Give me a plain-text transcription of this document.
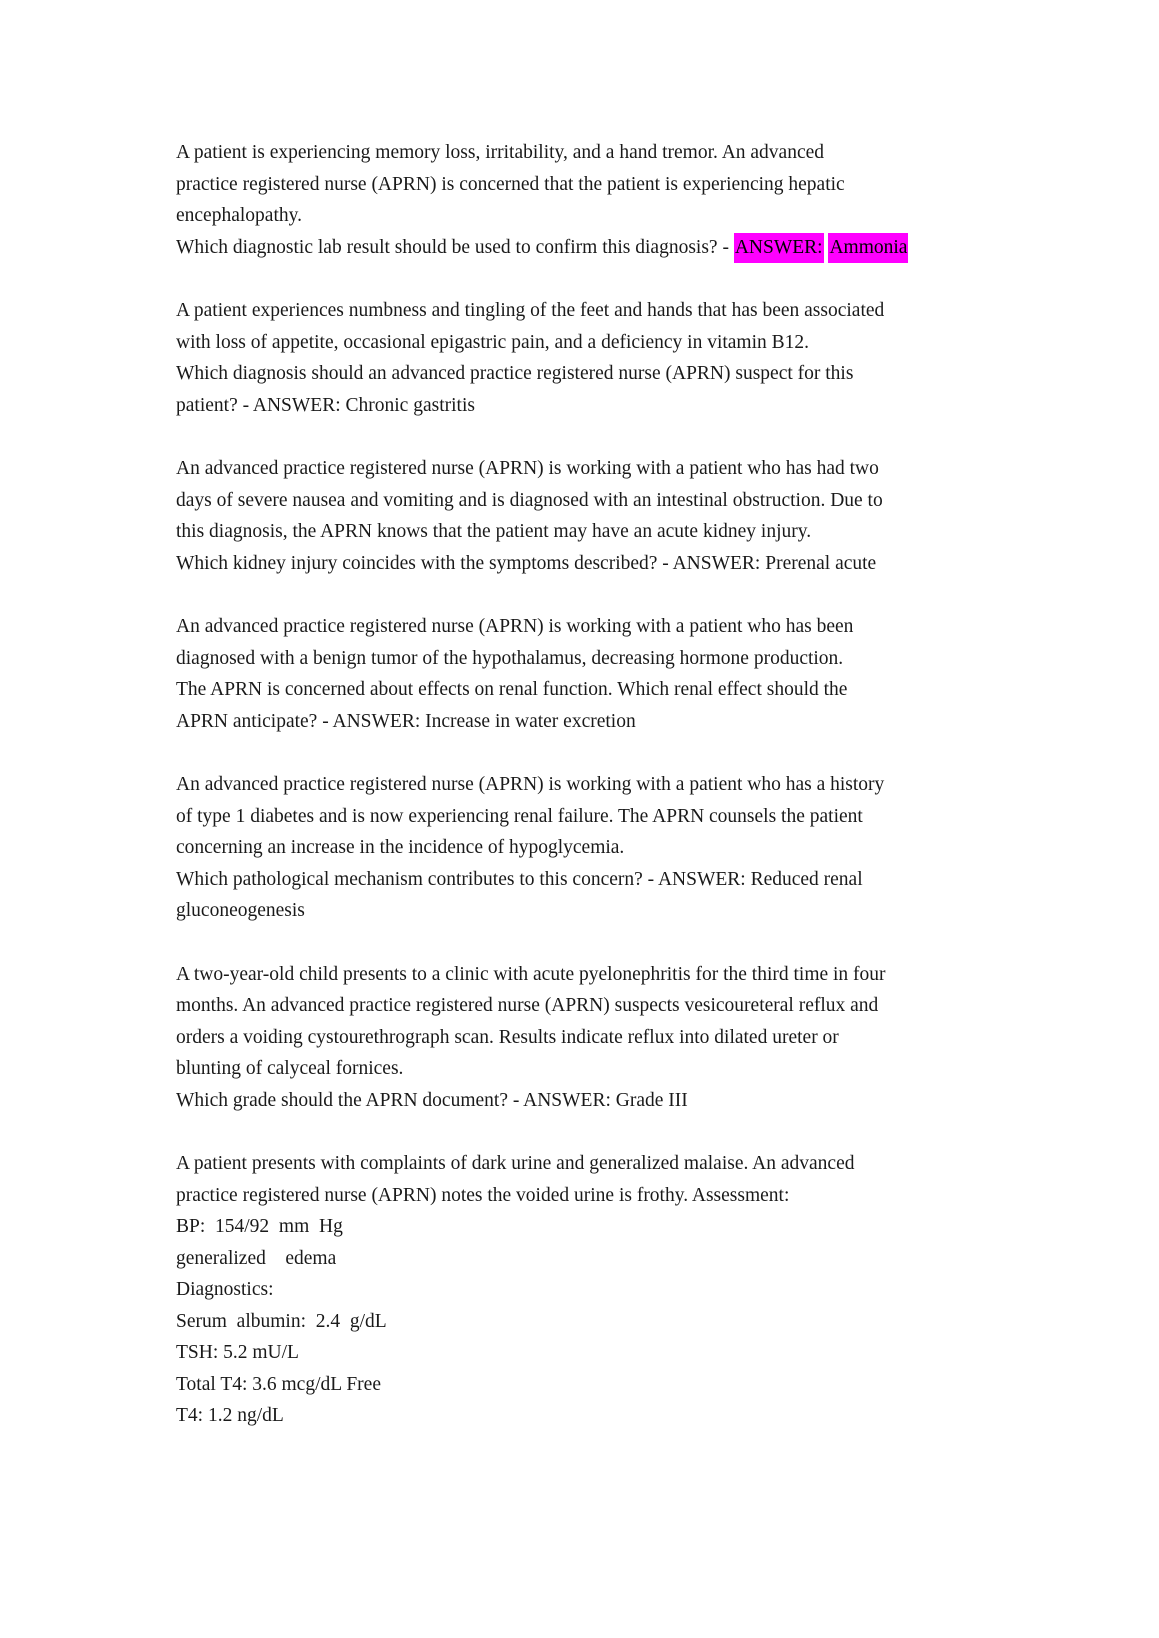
A patient is experiencing memory loss, irritability, and a hand tremor. An advanced
practice registered nurse (APRN) is concerned that the patient is experiencing hepatic
encephalopathy.
Which diagnostic lab result should be used to confirm this diagnosis? - ANSWER: Ammonia
A patient experiences numbness and tingling of the feet and hands that has been associated
with loss of appetite, occasional epigastric pain, and a deficiency in vitamin B12.
Which diagnosis should an advanced practice registered nurse (APRN) suspect for this
patient? - ANSWER: Chronic gastritis
An advanced practice registered nurse (APRN) is working with a patient who has had two
days of severe nausea and vomiting and is diagnosed with an intestinal obstruction. Due to
this diagnosis, the APRN knows that the patient may have an acute kidney injury.
Which kidney injury coincides with the symptoms described? - ANSWER: Prerenal acute
An advanced practice registered nurse (APRN) is working with a patient who has been
diagnosed with a benign tumor of the hypothalamus, decreasing hormone production.
The APRN is concerned about effects on renal function. Which renal effect should the
APRN anticipate? - ANSWER: Increase in water excretion
An advanced practice registered nurse (APRN) is working with a patient who has a history
of type 1 diabetes and is now experiencing renal failure. The APRN counsels the patient
concerning an increase in the incidence of hypoglycemia.
Which pathological mechanism contributes to this concern? - ANSWER: Reduced renal
gluconeogenesis
A two-year-old child presents to a clinic with acute pyelonephritis for the third time in four
months. An advanced practice registered nurse (APRN) suspects vesicoureteral reflux and
orders a voiding cystourethrograph scan. Results indicate reflux into dilated ureter or
blunting of calyceal fornices.
Which grade should the APRN document? - ANSWER: Grade III
A patient presents with complaints of dark urine and generalized malaise. An advanced
practice registered nurse (APRN) notes the voided urine is frothy. Assessment:
BP:  154/92  mm  Hg
generalized    edema
Diagnostics:
Serum  albumin:  2.4  g/dL
TSH: 5.2 mU/L
Total T4: 3.6 mcg/dL Free
T4: 1.2 ng/dL
